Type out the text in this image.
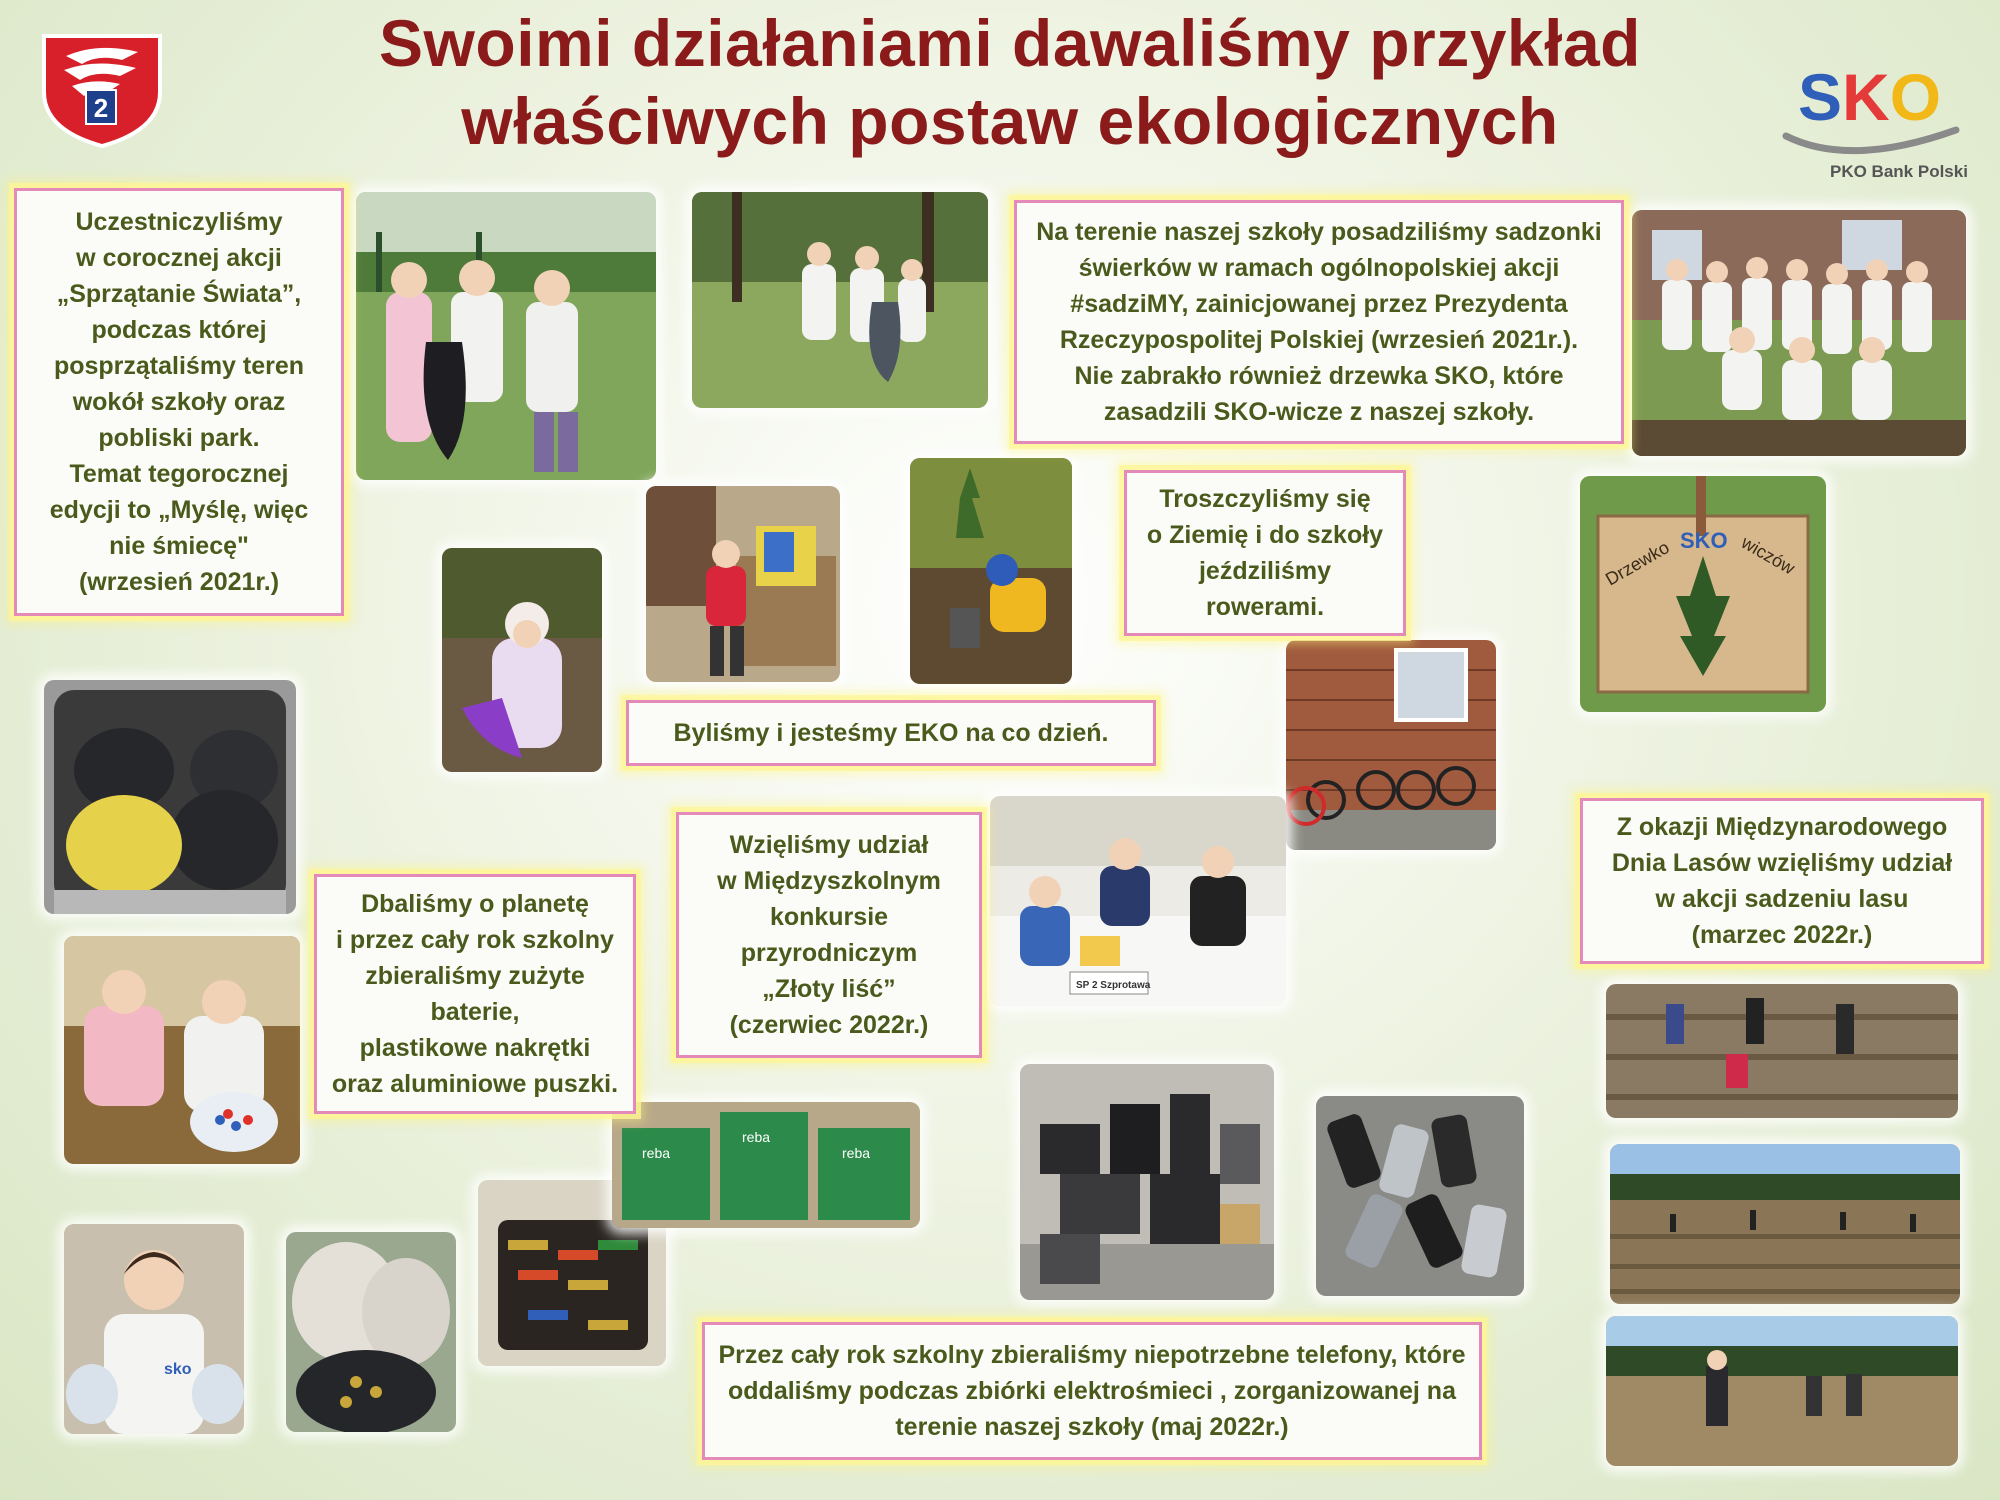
Swoimi działaniami dawaliśmy przykład
właściwych postaw ekologicznych
2	SKO
PKO Bank Polski
Drzewko SKO wiczów
SP 2 Szprotawa
sko
reba
reba
reba
Uczestniczyliśmy
w corocznej akcji
„Sprzątanie Świata”,
podczas której
posprzątaliśmy teren
wokół szkoły oraz
pobliski park.
Temat tegorocznej
edycji to „Myślę, więc
nie śmiecę"
(wrzesień 2021r.)
Na terenie naszej szkoły posadziliśmy sadzonki
świerków w ramach ogólnopolskiej akcji
#sadziMY, zainicjowanej przez Prezydenta
Rzeczypospolitej Polskiej (wrzesień 2021r.).
Nie zabrakło również drzewka SKO, które
zasadzili SKO-wicze z naszej szkoły.
Troszczyliśmy się
o Ziemię i do szkoły
jeździliśmy
rowerami.
Byliśmy i jesteśmy EKO na co dzień.
Wzięliśmy udział
w Międzyszkolnym
konkursie
przyrodniczym
„Złoty liść”
(czerwiec 2022r.)
Dbaliśmy o planetę
i przez cały rok szkolny
zbieraliśmy zużyte
baterie,
plastikowe nakrętki
oraz aluminiowe puszki.
Z okazji Międzynarodowego
Dnia Lasów wzięliśmy udział
w akcji sadzeniu lasu
(marzec 2022r.)
Przez cały rok szkolny zbieraliśmy niepotrzebne telefony, które
oddaliśmy podczas zbiórki elektrośmieci , zorganizowanej na
terenie naszej szkoły (maj 2022r.)
